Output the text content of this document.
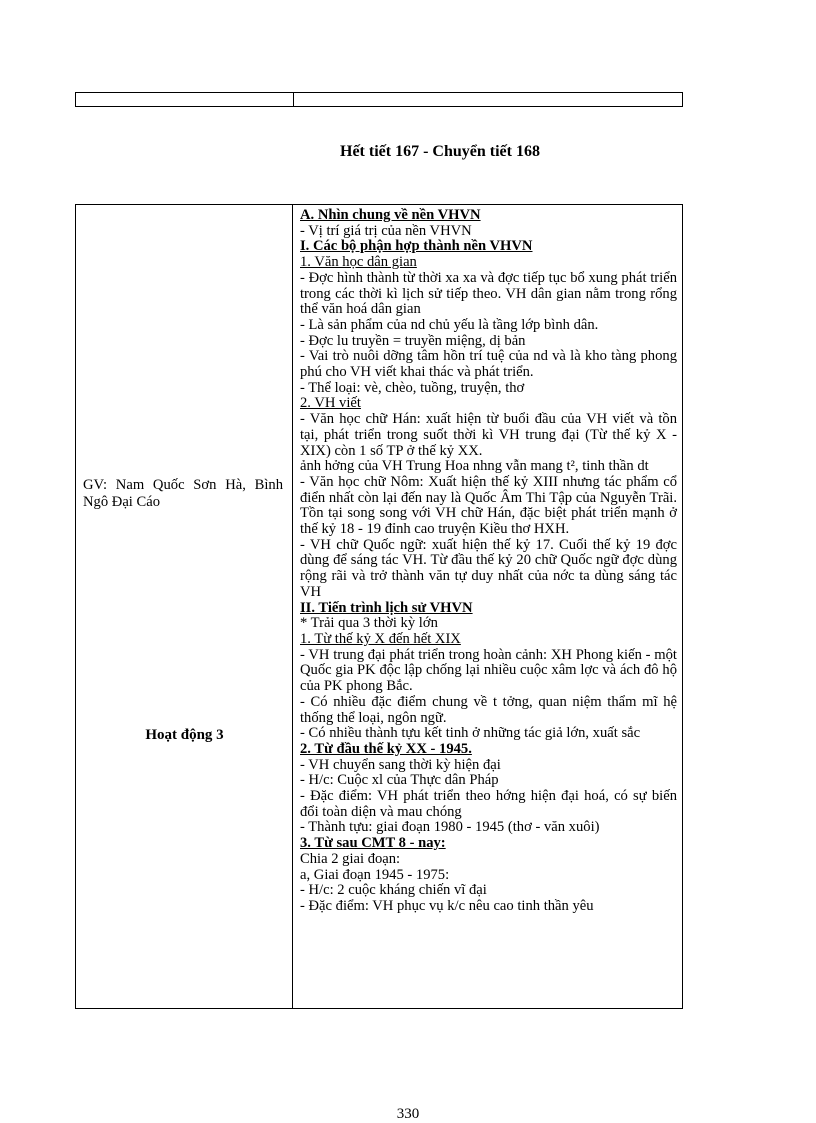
Hết tiết 167 - Chuyển tiết 168
GV: Nam Quốc Sơn Hà, Bình Ngô Đại Cáo
Hoạt động 3

A. Nhìn chung về nền VHVN

- Vị trí giá trị của nền VHVN

I. Các bộ phận hợp thành nền VHVN

1. Văn học dân gian

- Đợc hình thành từ thời xa xa và đợc tiếp tục bổ xung phát triển trong các thời kì lịch sử tiếp theo. VH dân gian nằm trong rổng thể văn hoá dân gian

- Là sản phẩm của nd chủ yếu là tầng lớp bình dân.

- Đợc lu truyền = truyền miệng, dị bản

- Vai trò nuôi dỡng tâm hồn trí tuệ của nd và là kho tàng phong phú cho VH viết khai thác và phát triển.

- Thể loại: vè, chèo, tuồng, truyện, thơ

2. VH viết

- Văn học chữ Hán: xuất hiện từ buổi đầu của VH viết và tồn tại, phát triển trong suốt thời kì VH trung đại (Từ thế kỷ X - XIX) còn 1 số TP ở thế kỷ XX.

ảnh hởng của VH Trung Hoa nhng vẫn mang t², tinh thần dt

- Văn học chữ Nôm: Xuất hiện thế kỷ XIII nhưng tác phẩm cổ điển nhất còn lại đến nay là Quốc Âm Thi Tập của Nguyễn Trãi. Tồn tại song song với VH chữ Hán, đặc biệt phát triển mạnh ở thế kỷ 18 - 19 đỉnh cao truyện Kiều thơ HXH.

- VH chữ Quốc ngữ: xuất hiện thế kỷ 17. Cuối thế kỷ 19 đợc dùng để sáng tác VH. Từ đầu thế kỷ 20 chữ Quốc ngữ đợc dùng rộng rãi và trở thành văn tự duy nhất của nớc ta dùng sáng tác VH

II. Tiến trình lịch sử VHVN

* Trải qua 3 thời kỳ lớn

1. Từ thế kỷ X đến hết XIX

- VH trung đại phát triển trong hoàn cảnh: XH Phong kiến - một Quốc gia PK độc lập chống lại nhiều cuộc xâm lợc và ách đô hộ của PK phong Bắc.

- Có nhiều đặc điểm chung về t tởng, quan niệm thẩm mĩ hệ thống thể loại, ngôn ngữ.

- Có nhiều thành tựu kết tinh ở những tác giả lớn, xuất sắc

2. Từ đầu thế kỷ XX - 1945.

- VH chuyển sang thời kỳ hiện đại

- H/c: Cuộc xl của Thực dân Pháp

- Đặc điểm: VH phát triển theo hớng hiện đại hoá, có sự biến đổi toàn diện và mau chóng

- Thành tựu: giai đoạn 1980 - 1945 (thơ - văn xuôi)

3. Từ sau CMT 8 - nay:

Chia 2 giai đoạn:

a, Giai đoạn 1945 - 1975:

- H/c: 2 cuộc kháng chiến vĩ đại

- Đặc điểm: VH phục vụ k/c nêu cao tinh thần yêu

330
